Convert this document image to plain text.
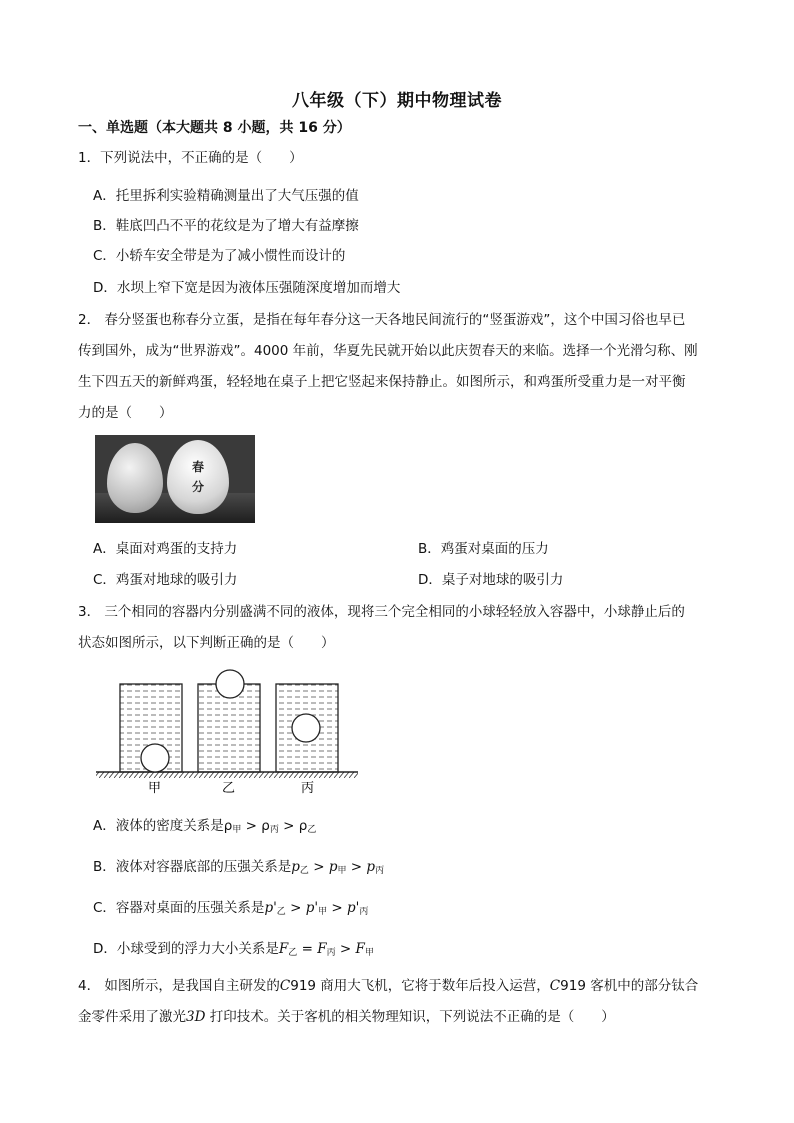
八年级（下）期中物理试卷
一、单选题（本大题共 8 小题，共 16 分）
1．下列说法中，不正确的是（　　）
A．托里拆利实验精确测量出了大气压强的值
B．鞋底凹凸不平的花纹是为了增大有益摩擦
C．小轿车安全带是为了减小惯性而设计的
D．水坝上窄下宽是因为液体压强随深度增加而增大
2． 春分竖蛋也称春分立蛋，是指在每年春分这一天各地民间流行的“竖蛋游戏”，这个中国习俗也早已
传到国外，成为“世界游戏”。4000 年前，华夏先民就开始以此庆贺春天的来临。选择一个光滑匀称、刚
生下四五天的新鲜鸡蛋，轻轻地在桌子上把它竖起来保持静止。如图所示，和鸡蛋所受重力是一对平衡
力的是（　　）
春
分
A．桌面对鸡蛋的支持力	B．鸡蛋对桌面的压力
C．鸡蛋对地球的吸引力	D．桌子对地球的吸引力
3． 三个相同的容器内分别盛满不同的液体，现将三个完全相同的小球轻轻放入容器中，小球静止后的
状态如图所示，以下判断正确的是（　　）
甲	乙	丙
A．液体的密度关系是$\rho_甲 > \rho_丙 > \rho_乙$
B．液体对容器底部的压强关系是$p_乙 > p_甲 > p_丙$
C．容器对桌面的压强关系是$p'_乙 > p'_甲 > p'_丙$
D．小球受到的浮力大小关系是$F_乙 = F_丙 > F_甲$
4． 如图所示，是我国自主研发的C919 商用大飞机，它将于数年后投入运营，C919 客机中的部分钛合
金零件采用了激光3D 打印技术。关于客机的相关物理知识，下列说法不正确的是（　　）
